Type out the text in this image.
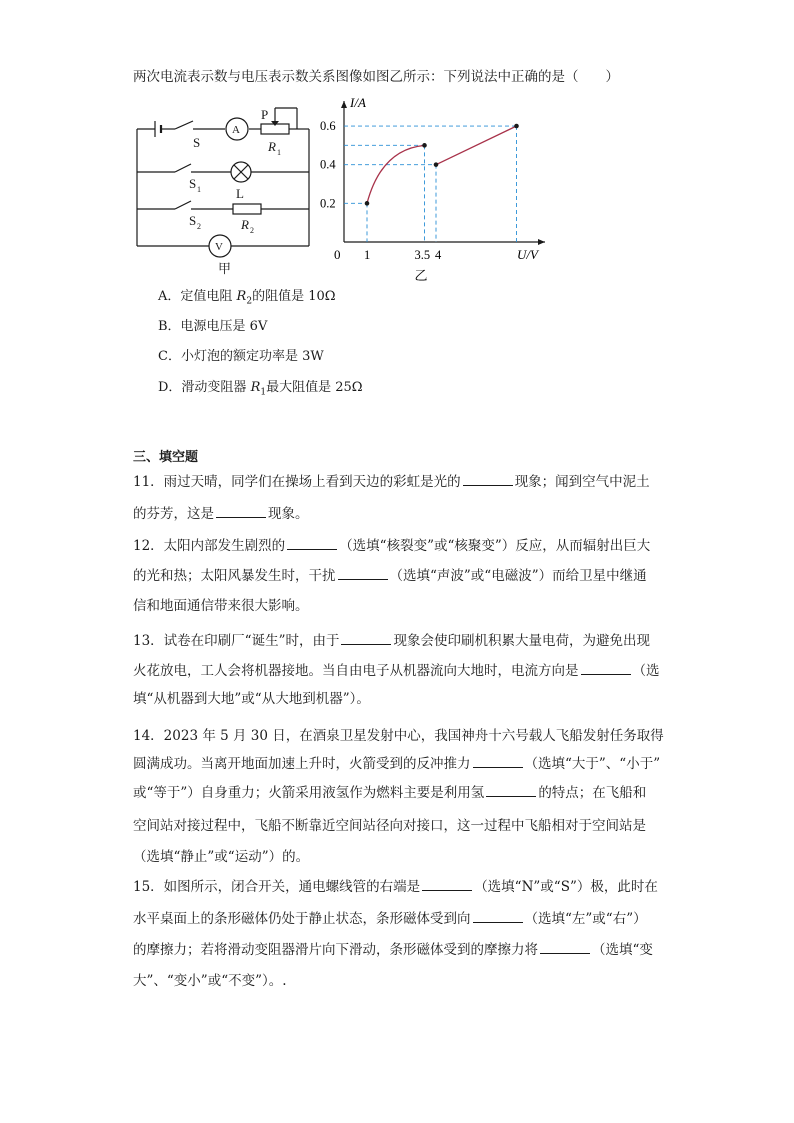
两次电流表示数与电压表示数关系图像如图乙所示：下列说法中正确的是（　　）
S
P
A
R 1
S 1	L
S 2	R 2
V
甲
I/A
U/V
0
0.2
0.4
0.6
1	3.5 4
乙
A．定值电阻 $R_2$的阻值是 10Ω
B．电源电压是 6V
C．小灯泡的额定功率是 3W
D．滑动变阻器 $R_1$最大阻值是 25Ω
三、填空题
11．雨过天晴，同学们在操场上看到天边的彩虹是光的	现象；闻到空气中泥土
的芬芳，这是	现象。
12．太阳内部发生剧烈的	（选填“核裂变”或“核聚变”）反应，从而辐射出巨大
的光和热；太阳风暴发生时，干扰	（选填“声波”或“电磁波”）而给卫星中继通
信和地面通信带来很大影响。
13．试卷在印刷厂“诞生”时，由于	现象会使印刷机积累大量电荷，为避免出现
火花放电，工人会将机器接地。当自由电子从机器流向大地时，电流方向是	（选
填“从机器到大地”或“从大地到机器”）。
14．2023 年 5 月 30 日，在酒泉卫星发射中心，我国神舟十六号载人飞船发射任务取得
圆满成功。当离开地面加速上升时，火箭受到的反冲推力	（选填“大于”、“小于”
或“等于”）自身重力；火箭采用液氢作为燃料主要是利用氢	的特点；在飞船和
空间站对接过程中，飞船不断靠近空间站径向对接口，这一过程中飞船相对于空间站是
（选填“静止”或“运动”）的。
15．如图所示，闭合开关，通电螺线管的右端是	（选填“N”或“S”）极，此时在
水平桌面上的条形磁体仍处于静止状态，条形磁体受到向	（选填“左”或“右”）
的摩擦力；若将滑动变阻器滑片向下滑动，条形磁体受到的摩擦力将	（选填“变
大”、“变小”或“不变”）。.
